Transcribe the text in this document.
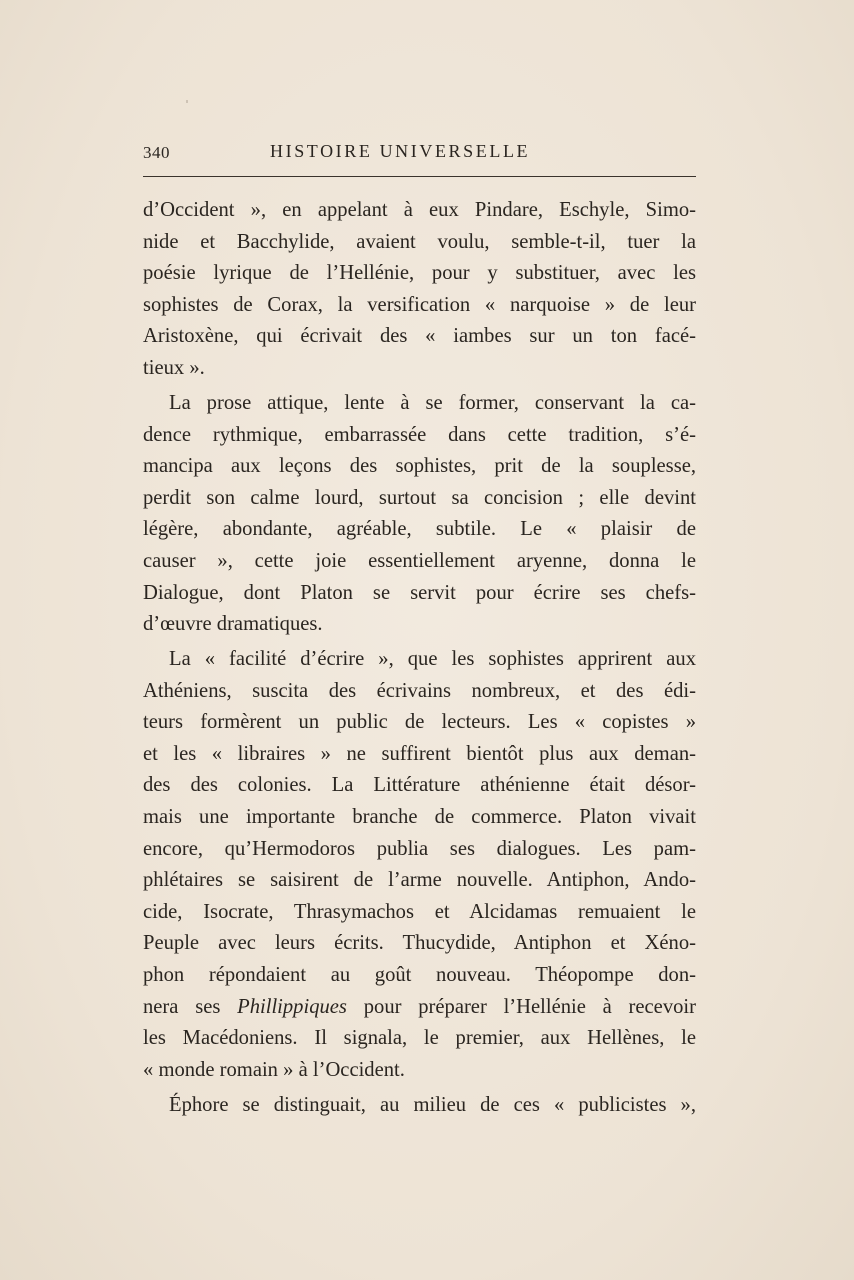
340	HISTOIRE UNIVERSELLE

d’Occident », en appelant à eux Pindare, Eschyle, Simo-
nide et Bacchylide, avaient voulu, semble-t-il, tuer la
poésie lyrique de l’Hellénie, pour y substituer, avec les
sophistes de Corax, la versification « narquoise » de leur
Aristoxène, qui écrivait des « iambes sur un ton facé-
tieux ».

La prose attique, lente à se former, conservant la ca-
dence rythmique, embarrassée dans cette tradition, s’é-
mancipa aux leçons des sophistes, prit de la souplesse,
perdit son calme lourd, surtout sa concision ; elle devint
légère, abondante, agréable, subtile. Le « plaisir de
causer », cette joie essentiellement aryenne, donna le
Dialogue, dont Platon se servit pour écrire ses chefs-
d’œuvre dramatiques.

La « facilité d’écrire », que les sophistes apprirent aux
Athéniens, suscita des écrivains nombreux, et des édi-
teurs formèrent un public de lecteurs. Les « copistes »
et les « libraires » ne suffirent bientôt plus aux deman-
des des colonies. La Littérature athénienne était désor-
mais une importante branche de commerce. Platon vivait
encore, qu’Hermodoros publia ses dialogues. Les pam-
phlétaires se saisirent de l’arme nouvelle. Antiphon, Ando-
cide, Isocrate, Thrasymachos et Alcidamas remuaient le
Peuple avec leurs écrits. Thucydide, Antiphon et Xéno-
phon répondaient au goût nouveau. Théopompe don-
nera ses Phillippiques pour préparer l’Hellénie à recevoir
les Macédoniens. Il signala, le premier, aux Hellènes, le
« monde romain » à l’Occident.

Éphore se distinguait, au milieu de ces « publicistes »,
